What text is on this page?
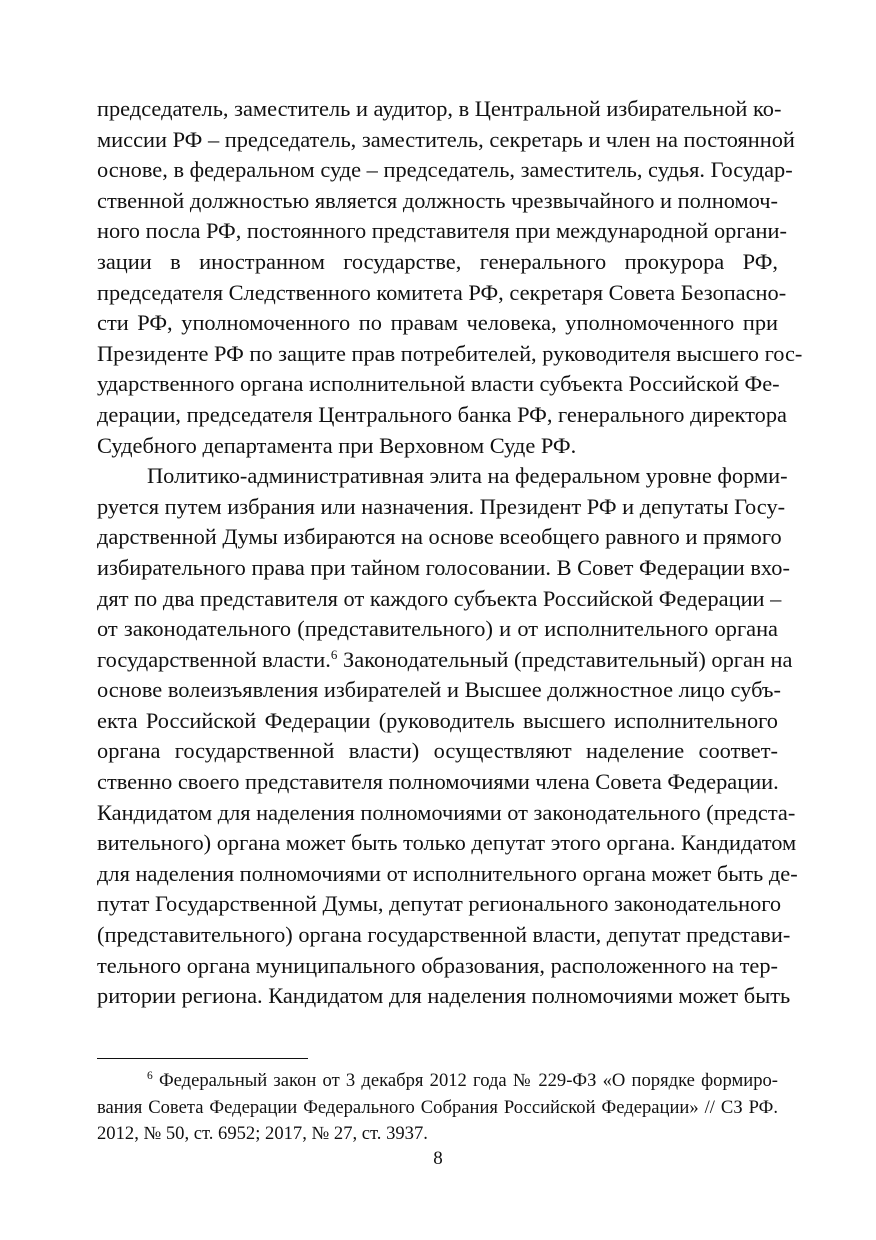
председатель, заместитель и аудитор, в Центральной избирательной ко-
миссии РФ – председатель, заместитель, секретарь и член на постоянной
основе, в федеральном суде – председатель, заместитель, судья. Государ-
ственной должностью является должность чрезвычайного и полномоч-
ного посла РФ, постоянного представителя при международной органи-
зации в иностранном государстве, генерального прокурора РФ,
председателя Следственного комитета РФ, секретаря Совета Безопасно-
сти РФ, уполномоченного по правам человека, уполномоченного при
Президенте РФ по защите прав потребителей, руководителя высшего гос-
ударственного органа исполнительной власти субъекта Российской Фе-
дерации, председателя Центрального банка РФ, генерального директора
Судебного департамента при Верховном Суде РФ.

Политико-административная элита на федеральном уровне форми-
руется путем избрания или назначения. Президент РФ и депутаты Госу-
дарственной Думы избираются на основе всеобщего равного и прямого
избирательного права при тайном голосовании. В Совет Федерации вхо-
дят по два представителя от каждого субъекта Российской Федерации –
от законодательного (представительного) и от исполнительного органа
государственной власти.$^6$ Законодательный (представительный) орган на
основе волеизъявления избирателей и Высшее должностное лицо субъ-
екта Российской Федерации (руководитель высшего исполнительного
органа государственной власти) осуществляют наделение соответ-
ственно своего представителя полномочиями члена Совета Федерации.
Кандидатом для наделения полномочиями от законодательного (предста-
вительного) органа может быть только депутат этого органа. Кандидатом
для наделения полномочиями от исполнительного органа может быть де-
путат Государственной Думы, депутат регионального законодательного
(представительного) органа государственной власти, депутат представи-
тельного органа муниципального образования, расположенного на тер-
ритории региона. Кандидатом для наделения полномочиями может быть

$^6$ Федеральный закон от 3 декабря 2012 года № 229-ФЗ «О порядке формиро-
вания Совета Федерации Федерального Собрания Российской Федерации» // СЗ РФ.
2012, № 50, ст. 6952; 2017, № 27, ст. 3937.
8
